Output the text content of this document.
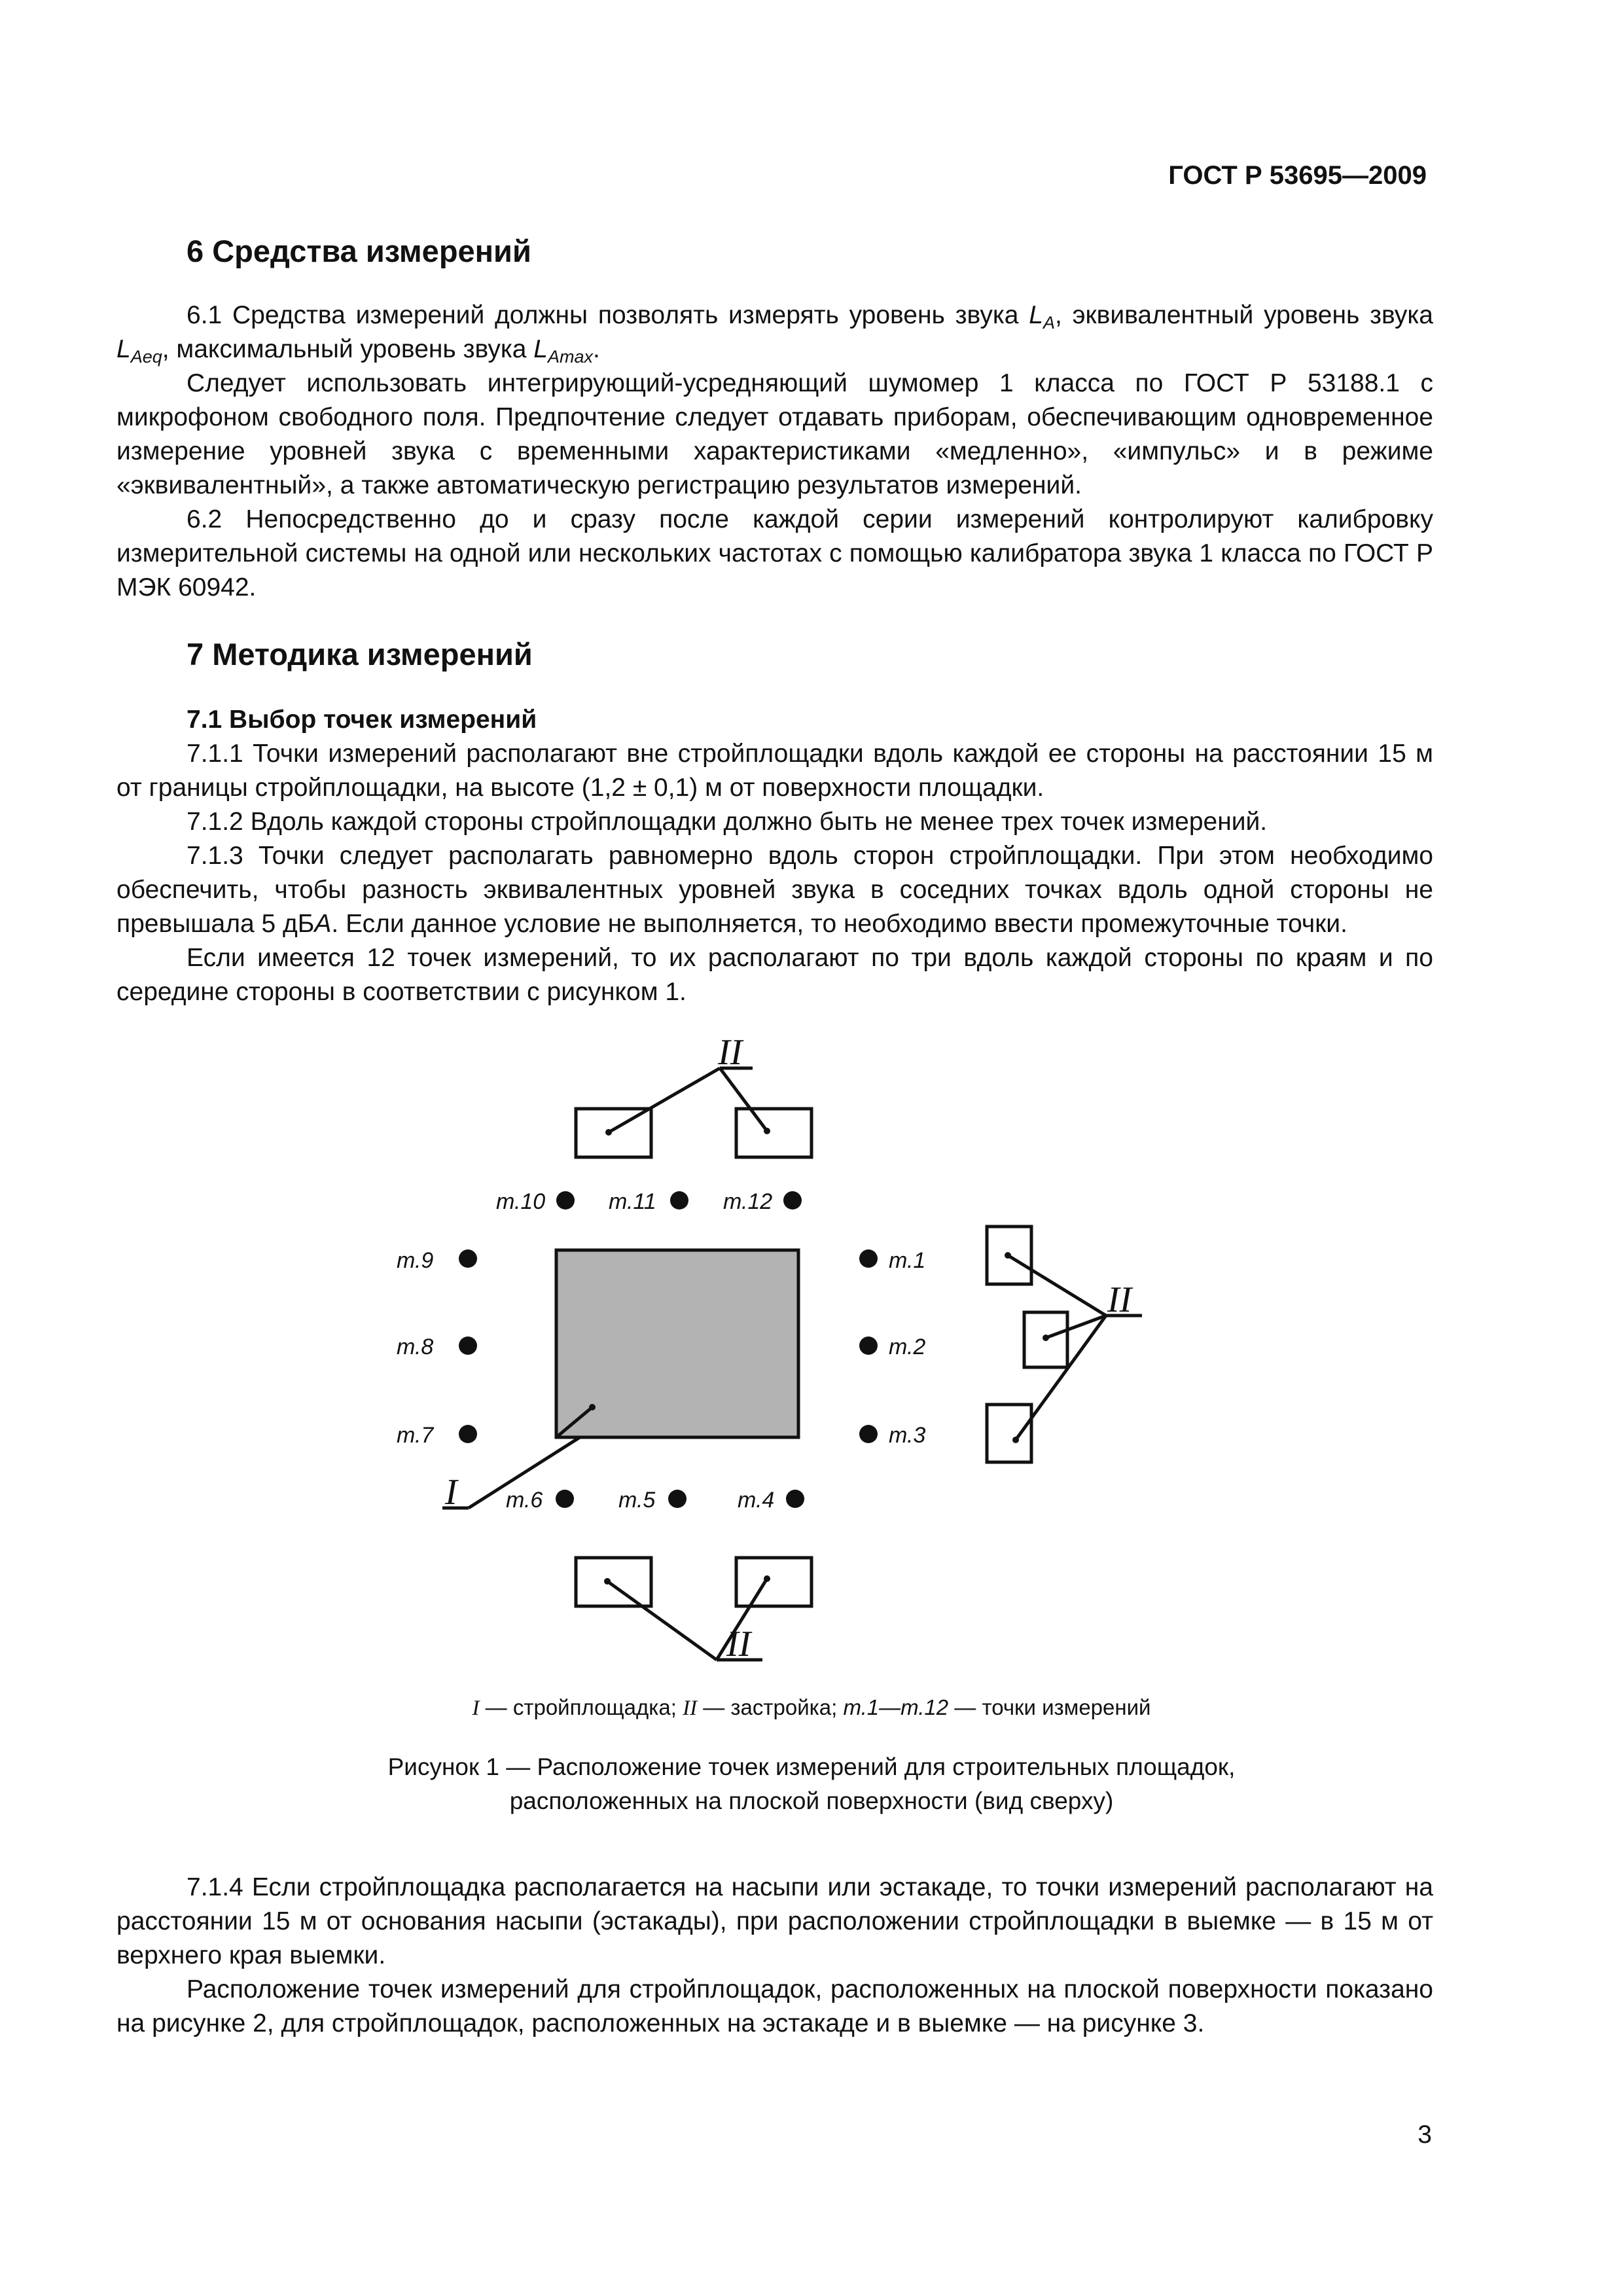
ГОСТ Р 53695—2009
6 Средства измерений

6.1 Средства измерений должны позволять измерять уровень звука $L_A$, эквивалентный уровень звука $L_{Aeq}$, максимальный уровень звука $L_{Amax}$.

Следует использовать интегрирующий-усредняющий шумомер 1 класса по ГОСТ Р 53188.1 с микрофоном свободного поля. Предпочтение следует отдавать приборам, обеспечивающим одновременное измерение уровней звука с временными характеристиками «медленно», «импульс» и в режиме «эквивалентный», а также автоматическую регистрацию результатов измерений.

6.2 Непосредственно до и сразу после каждой серии измерений контролируют калибровку измерительной системы на одной или нескольких частотах с помощью калибратора звука 1 класса по ГОСТ Р МЭК 60942.

7 Методика измерений

7.1 Выбор точек измерений

7.1.1 Точки измерений располагают вне стройплощадки вдоль каждой ее стороны на расстоянии 15 м от границы стройплощадки, на высоте (1,2 ± 0,1) м от поверхности площадки.

7.1.2 Вдоль каждой стороны стройплощадки должно быть не менее трех точек измерений.

7.1.3 Точки следует располагать равномерно вдоль сторон стройплощадки. При этом необходимо обеспечить, чтобы разность эквивалентных уровней звука в соседних точках вдоль одной стороны не превышала 5 дБА. Если данное условие не выполняется, то необходимо ввести промежуточные точки.

Если имеется 12 точек измерений, то их располагают по три вдоль каждой стороны по краям и по середине стороны в соответствии с рисунком 1.

т.1
т.2
т.3
т.4
т.5
т.6
т.7
т.8
т.9
т.10	т.11	т.12
II
II
II
I
I — стройплощадка; II — застройка; т.1—т.12 — точки измерений
Рисунок 1 — Расположение точек измерений для строительных площадок,
расположенных на плоской поверхности (вид сверху)

7.1.4 Если стройплощадка располагается на насыпи или эстакаде, то точки измерений располагают на расстоянии 15 м от основания насыпи (эстакады), при расположении стройплощадки в выемке — в 15 м от верхнего края выемки.

Расположение точек измерений для стройплощадок, расположенных на плоской поверхности показано на рисунке 2, для стройплощадок, расположенных на эстакаде и в выемке — на рисунке 3.

3
